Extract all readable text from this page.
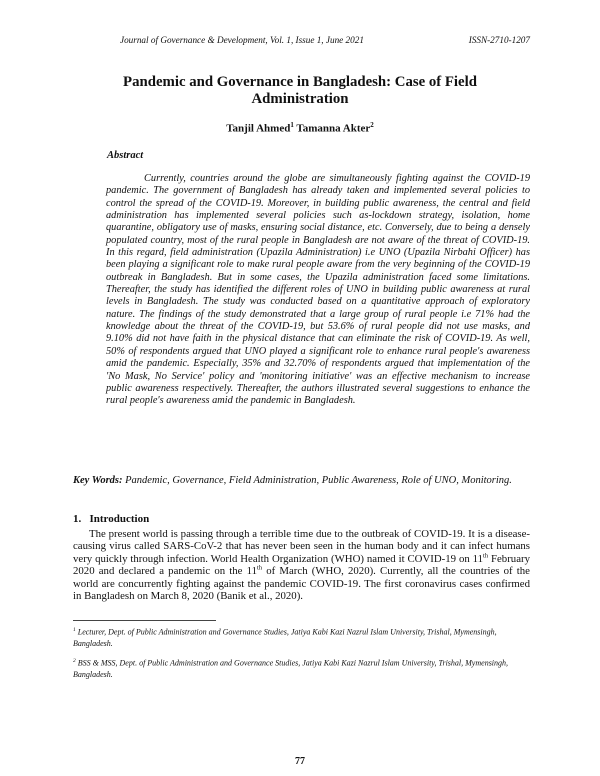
Journal of Governance & Development, Vol. 1, Issue 1, June 2021	ISSN-2710-1207
Pandemic and Governance in Bangladesh: Case of Field Administration
Tanjil Ahmed$^1$ Tamanna Akter$^2$
Abstract

Currently, countries around the globe are simultaneously fighting against the COVID-19 pandemic. The government of Bangladesh has already taken and implemented several policies to control the spread of the COVID-19. Moreover, in building public awareness, the central and field administration has implemented several policies such as-lockdown strategy, isolation, home quarantine, obligatory use of masks, ensuring social distance, etc. Conversely, due to being a densely populated country, most of the rural people in Bangladesh are not aware of the threat of COVID-19. In this regard, field administration (Upazila Administration) i.e UNO (Upazila Nirbahi Officer) has been playing a significant role to make rural people aware from the very beginning of the COVID-19 outbreak in Bangladesh. But in some cases, the Upazila administration faced some limitations. Thereafter, the study has identified the different roles of UNO in building public awareness at rural levels in Bangladesh. The study was conducted based on a quantitative approach of exploratory nature. The findings of the study demonstrated that a large group of rural people i.e 71% had the knowledge about the threat of the COVID-19, but 53.6% of rural people did not use masks, and 9.10% did not have faith in the physical distance that can eliminate the risk of COVID-19. As well, 50% of respondents argued that UNO played a significant role to enhance rural people's awareness amid the pandemic. Especially, 35% and 32.70% of respondents argued that implementation of the 'No Mask, No Service' policy and 'monitoring initiative' was an effective mechanism to increase public awareness respectively. Thereafter, the authors illustrated several suggestions to enhance the rural people's awareness amid the pandemic in Bangladesh.

Key Words: Pandemic, Governance, Field Administration, Public Awareness, Role of UNO, Monitoring.

1.   Introduction

The present world is passing through a terrible time due to the outbreak of COVID-19. It is a disease-causing virus called SARS-CoV-2 that has never been seen in the human body and it can infect humans very quickly through infection. World Health Organization (WHO) named it COVID-19 on 11th February 2020 and declared a pandemic on the 11th of March (WHO, 2020). Currently, all the countries of the world are concurrently fighting against the pandemic COVID-19. The first coronavirus cases confirmed in Bangladesh on March 8, 2020 (Banik et al., 2020).

$^1$ Lecturer, Dept. of Public Administration and Governance Studies, Jatiya Kabi Kazi Nazrul Islam University, Trishal, Mymensingh, Bangladesh.

$^2$ BSS & MSS, Dept. of Public Administration and Governance Studies, Jatiya Kabi Kazi Nazrul Islam University, Trishal, Mymensingh, Bangladesh.

77
